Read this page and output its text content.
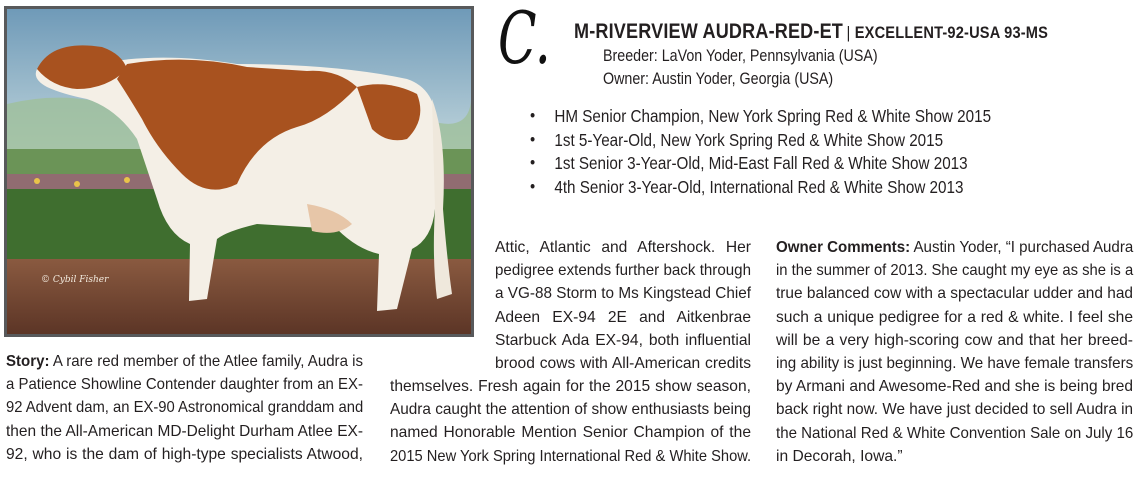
© Cybil Fisher
C. M-RIVERVIEW AUDRA-RED-ET | EXCELLENT-92-USA 93-MS
Breeder: LaVon Yoder, Pennsylvania (USA)
Owner: Austin Yoder, Georgia (USA)
• HM Senior Champion, New York Spring Red & White Show 2015
• 1st 5-Year-Old, New York Spring Red & White Show 2015
• 1st Senior 3-Year-Old, Mid-East Fall Red & White Show 2013
• 4th Senior 3-Year-Old, International Red & White Show 2013
Story: A rare red member of the Atlee family, Audra is
a Patience Showline Contender daughter from an EX-
92 Advent dam, an EX-90 Astronomical granddam and
then the All-American MD-Delight Durham Atlee EX-
92, who is the dam of high-type specialists Atwood,
Attic, Atlantic and Aftershock. Her
pedigree extends further back through
a VG-88 Storm to Ms Kingstead Chief
Adeen EX-94 2E and Aitkenbrae
Starbuck Ada EX-94, both influential
brood cows with All-American credits
themselves. Fresh again for the 2015 show season,
Audra caught the attention of show enthusiasts being
named Honorable Mention Senior Champion of the
2015 New York Spring International Red & White Show.
Owner Comments: Austin Yoder, “I purchased Audra
in the summer of 2013. She caught my eye as she is a
true balanced cow with a spectacular udder and had
such a unique pedigree for a red & white. I feel she
will be a very high-scoring cow and that her breed-
ing ability is just beginning. We have female transfers
by Armani and Awesome-Red and she is being bred
back right now. We have just decided to sell Audra in
the National Red & White Convention Sale on July 16
in Decorah, Iowa.”
